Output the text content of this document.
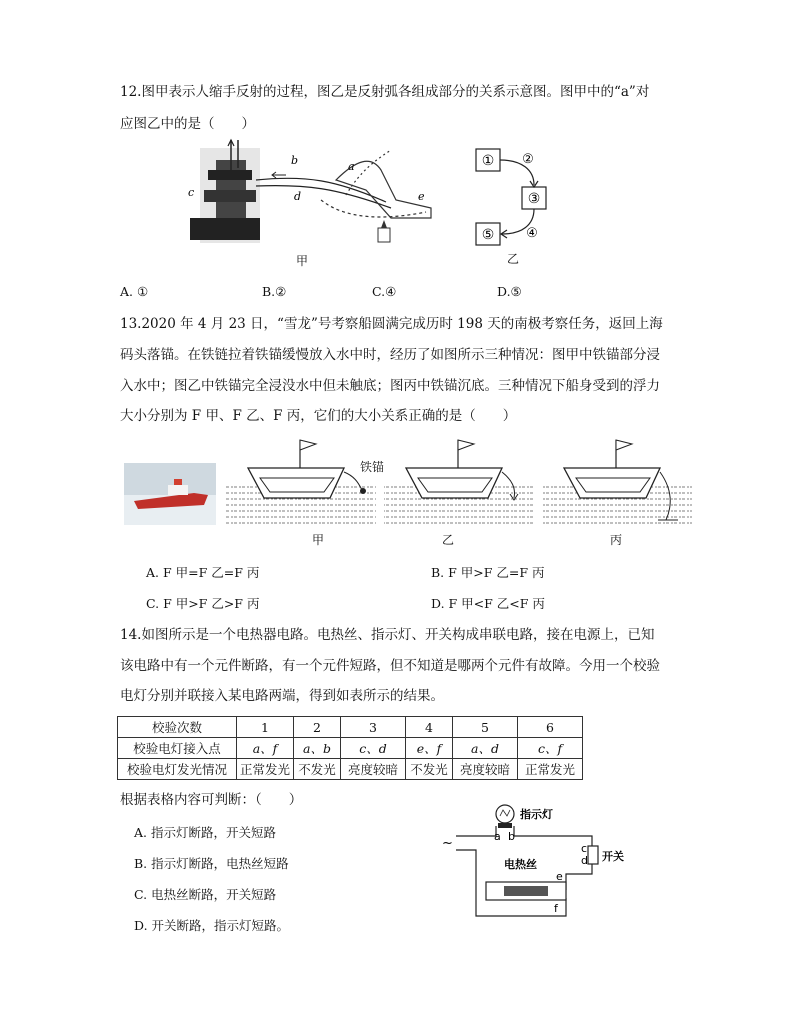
12.图甲表示人缩手反射的过程，图乙是反射弧各组成部分的关系示意图。图甲中的“a”对
应图乙中的是（　　）
b	a
c	d	e
甲
① ②
③
④
⑤
乙
A. ①	B.②	C.④	D.⑤
13.2020 年 4 月 23 日，“雪龙”号考察船圆满完成历时 198 天的南极考察任务，返回上海
码头落锚。在铁链拉着铁锚缓慢放入水中时，经历了如图所示三种情况：图甲中铁锚部分浸
入水中；图乙中铁锚完全浸没水中但未触底；图丙中铁锚沉底。三种情况下船身受到的浮力
大小分别为 F 甲、F 乙、F 丙，它们的大小关系正确的是（　　）
铁锚
甲	乙	丙
A. F 甲=F 乙=F 丙	B. F 甲>F 乙=F 丙
C. F 甲>F 乙>F 丙	D. F 甲<F 乙<F 丙
14.如图所示是一个电热器电路。电热丝、指示灯、开关构成串联电路，接在电源上，已知
该电路中有一个元件断路，有一个元件短路，但不知道是哪两个元件有故障。今用一个校验
电灯分别并联接入某电路两端，得到如表所示的结果。
校验次数	1	2	3	4	5	6
校验电灯接入点	a、f	a、b	c、d	e、f	a、d	c、f
校验电灯发光情况	正常发光	不发光	亮度较暗	不发光	亮度较暗	正常发光
根据表格内容可判断：（　　）
A. 指示灯断路，开关短路
B. 指示灯断路，电热丝短路
C. 电热丝断路，开关短路
D. 开关断路，指示灯短路。
指示灯
电热丝
开关
a b
c
d
e
f
~
